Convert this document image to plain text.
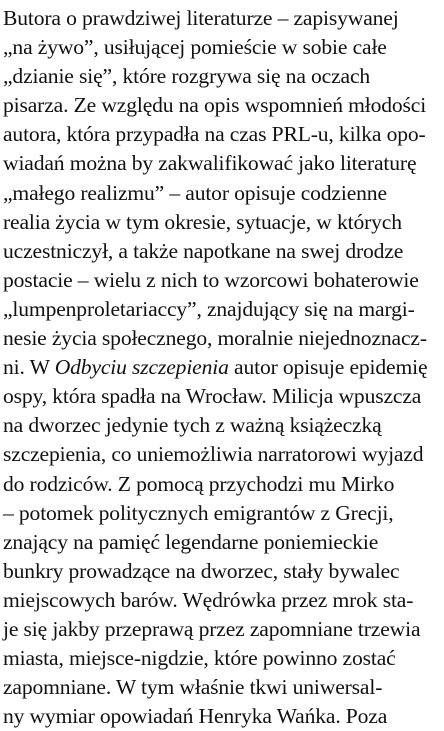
Butora o prawdziwej literaturze – zapisywanej
„na żywo”, usiłującej pomieście w sobie całe
„dzianie się”, które rozgrywa się na oczach
pisarza. Ze względu na opis wspomnień młodości
autora, która przypadła na czas PRL-u, kilka opo-
wiadań można by zakwalifikować jako literaturę
„małego realizmu” – autor opisuje codzienne
realia życia w tym okresie, sytuacje, w których
uczestniczył, a także napotkane na swej drodze
postacie – wielu z nich to wzorcowi bohaterowie
„lumpenproletariaccy”, znajdujący się na margi-
nesie życia społecznego, moralnie niejednoznacz-
ni. W Odbyciu szczepienia autor opisuje epidemię
ospy, która spadła na Wrocław. Milicja wpuszcza
na dworzec jedynie tych z ważną książeczką
szczepienia, co uniemożliwia narratorowi wyjazd
do rodziców. Z pomocą przychodzi mu Mirko
– potomek politycznych emigrantów z Grecji,
znający na pamięć legendarne poniemieckie
bunkry prowadzące na dworzec, stały bywalec
miejscowych barów. Wędrówka przez mrok sta-
je się jakby przeprawą przez zapomniane trzewia
miasta, miejsce-nigdzie, które powinno zostać
zapomniane. W tym właśnie tkwi uniwersal-
ny wymiar opowiadań Henryka Wańka. Poza
